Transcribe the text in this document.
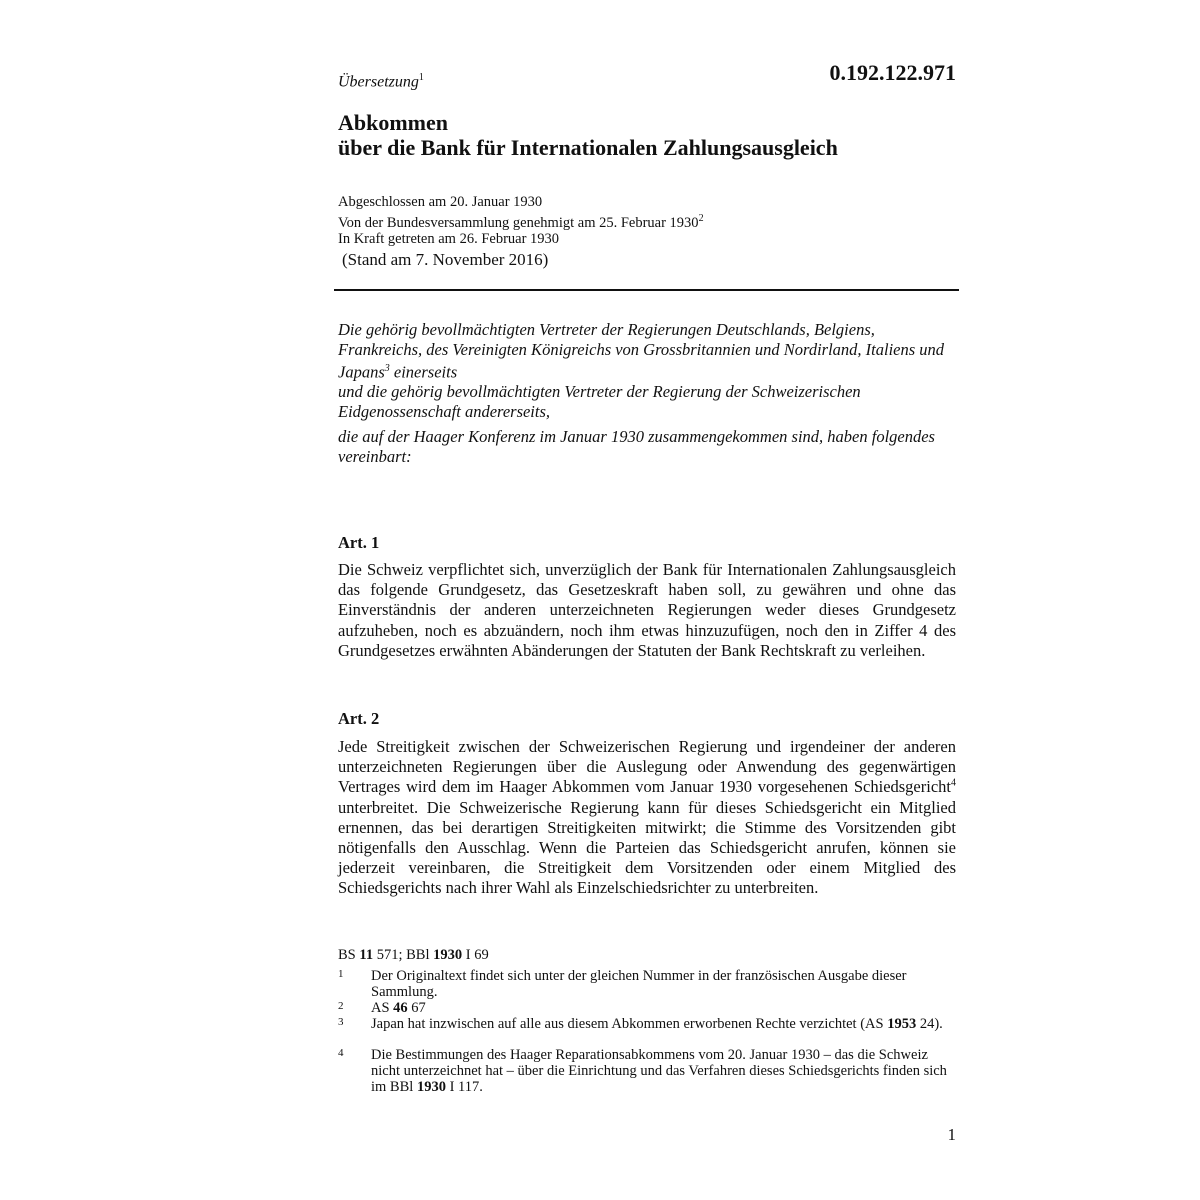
Übersetzung$^1$	0.192.122.971
Abkommen
über die Bank für Internationalen Zahlungsausgleich
Abgeschlossen am 20. Januar 1930
Von der Bundesversammlung genehmigt am 25. Februar 1930$^2$
In Kraft getreten am 26. Februar 1930
(Stand am 7. November 2016)

Die gehörig bevollmächtigten Vertreter der Regierungen Deutschlands, Belgiens, Frankreichs, des Vereinigten Königreichs von Grossbritannien und Nordirland, Italiens und Japans$^3$ einerseits
und die gehörig bevollmächtigten Vertreter der Regierung der Schweizerischen Eidgenossenschaft andererseits,

die auf der Haager Konferenz im Januar 1930 zusammengekommen sind, haben folgendes vereinbart:

Art. 1
Die Schweiz verpflichtet sich, unverzüglich der Bank für Internationalen Zahlungsausgleich das folgende Grundgesetz, das Gesetzeskraft haben soll, zu gewähren und ohne das Einverständnis der anderen unterzeichneten Regierungen weder dieses Grundgesetz aufzuheben, noch es abzuändern, noch ihm etwas hinzuzufügen, noch den in Ziffer 4 des Grundgesetzes erwähnten Abänderungen der Statuten der Bank Rechtskraft zu verleihen.
Art. 2
Jede Streitigkeit zwischen der Schweizerischen Regierung und irgendeiner der anderen unterzeichneten Regierungen über die Auslegung oder Anwendung des gegenwärtigen Vertrages wird dem im Haager Abkommen vom Januar 1930 vorgesehenen Schiedsgericht$^4$ unterbreitet. Die Schweizerische Regierung kann für dieses Schiedsgericht ein Mitglied ernennen, das bei derartigen Streitigkeiten mitwirkt; die Stimme des Vorsitzenden gibt nötigenfalls den Ausschlag. Wenn die Parteien das Schiedsgericht anrufen, können sie jederzeit vereinbaren, die Streitigkeit dem Vorsitzenden oder einem Mitglied des Schiedsgerichts nach ihrer Wahl als Einzelschiedsrichter zu unterbreiten.
BS 11 571; BBl 1930 I 69
1 Der Originaltext findet sich unter der gleichen Nummer in der französischen Ausgabe dieser Sammlung.
2 AS 46 67
3 Japan hat inzwischen auf alle aus diesem Abkommen erworbenen Rechte verzichtet (AS 1953 24).
4 Die Bestimmungen des Haager Reparationsabkommens vom 20. Januar 1930 – das die Schweiz nicht unterzeichnet hat – über die Einrichtung und das Verfahren dieses Schiedsgerichts finden sich im BBl 1930 I 117.
1
